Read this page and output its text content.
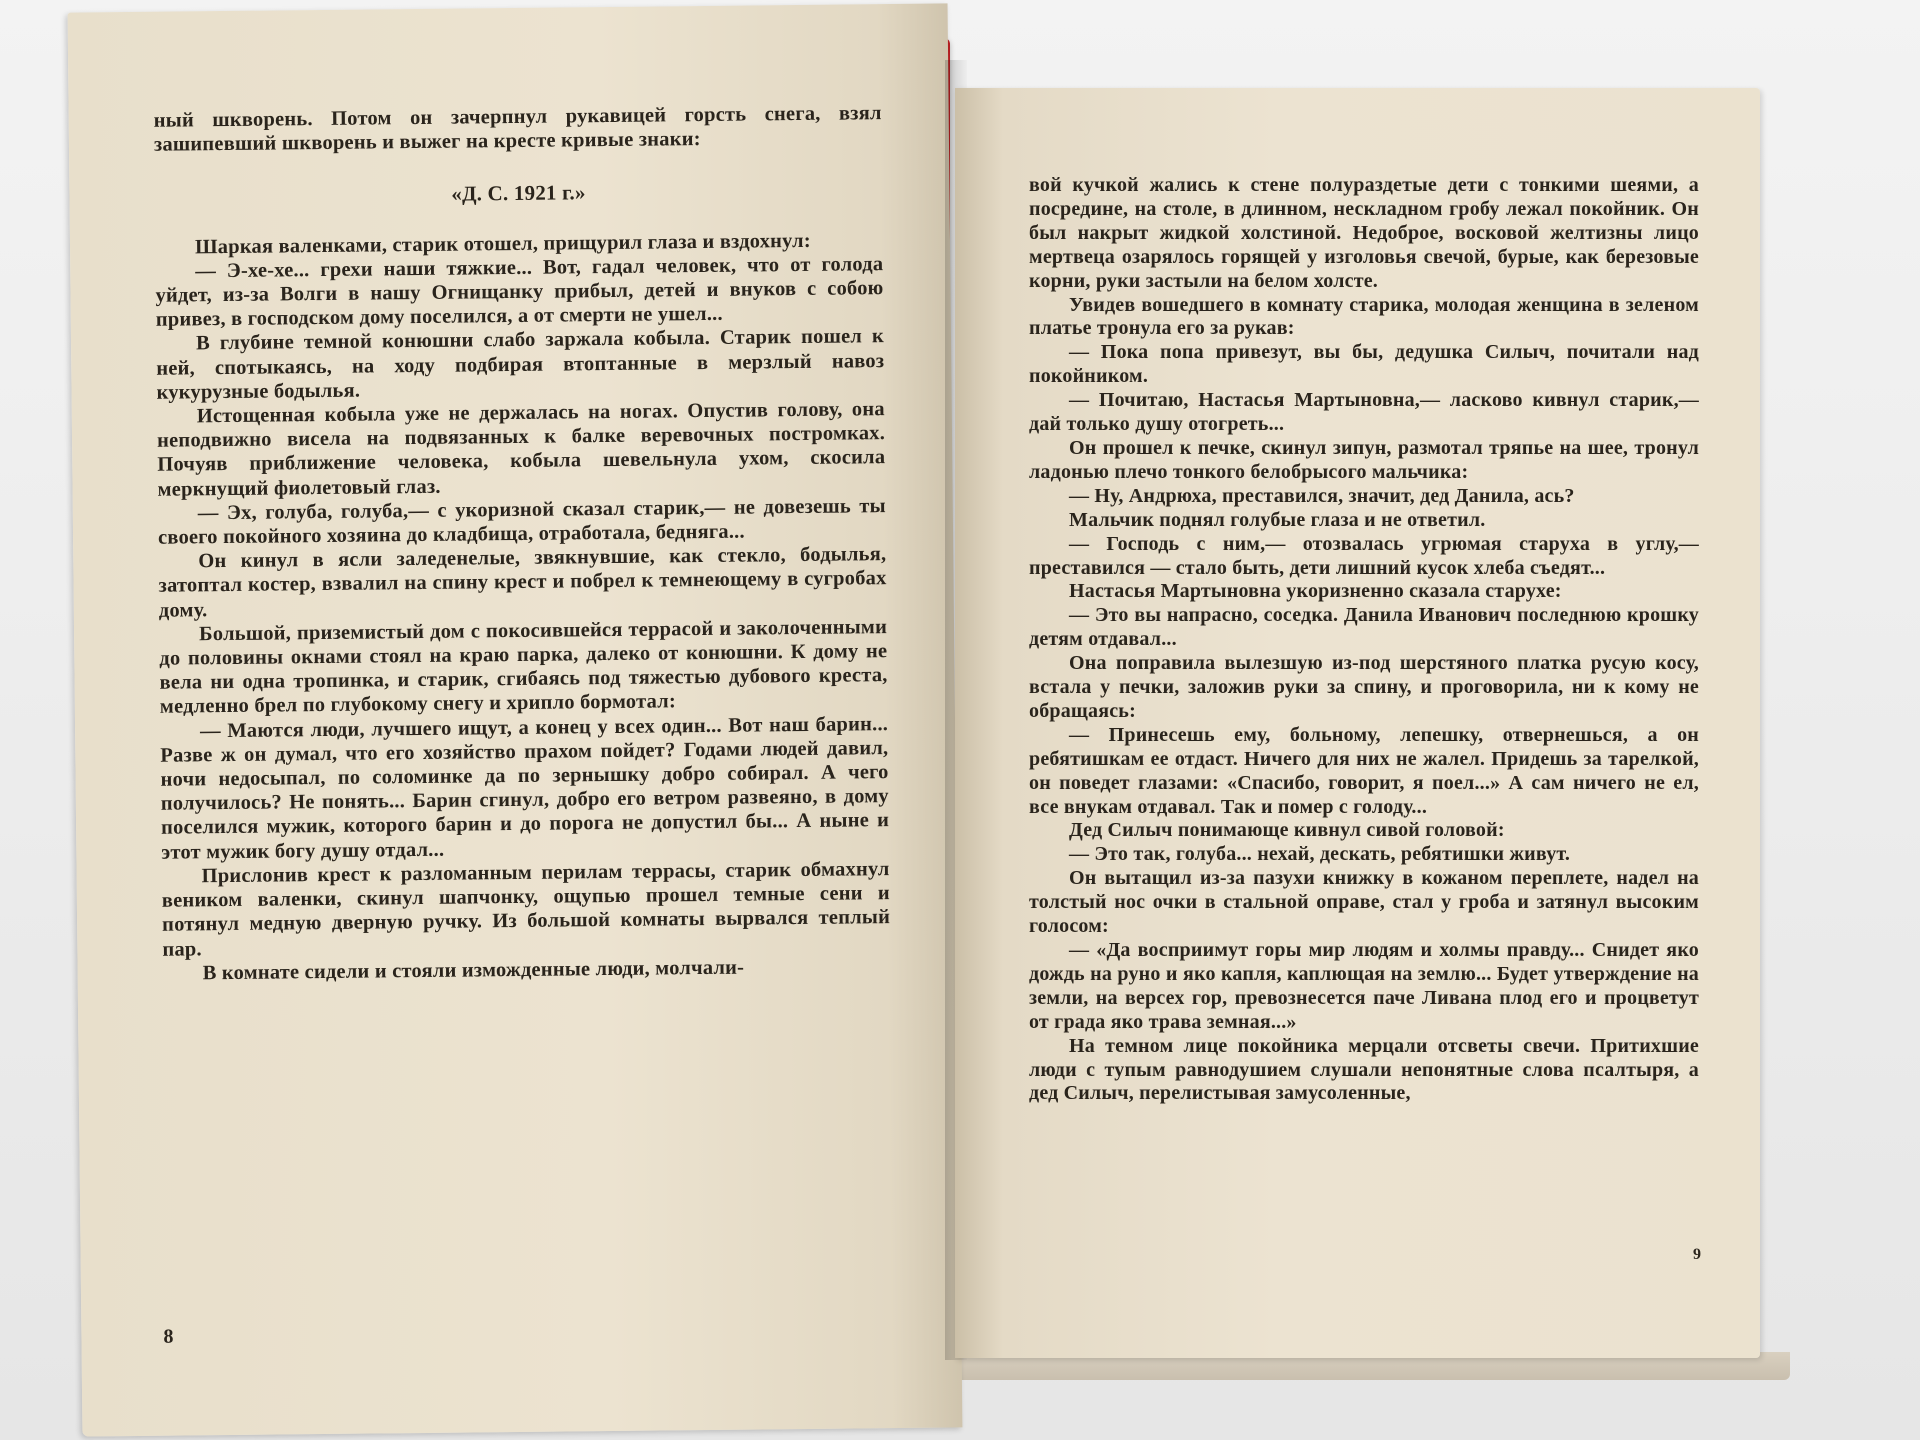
ный шкворень. Потом он зачерпнул рукавицей горсть снега, взял зашипевший шкворень и выжег на кресте кривые знаки:

«Д. С. 1921 г.»

Шаркая валенками, старик отошел, прищурил глаза и вздохнул:

— Э-хе-хе... грехи наши тяжкие... Вот, гадал человек, что от голода уйдет, из-за Волги в нашу Огнищанку прибыл, детей и внуков с собою привез, в господском дому поселился, а от смерти не ушел...

В глубине темной конюшни слабо заржала кобыла. Старик пошел к ней, спотыкаясь, на ходу подбирая втоптанные в мерзлый навоз кукурузные бодылья.

Истощенная кобыла уже не держалась на ногах. Опустив голову, она неподвижно висела на подвязанных к балке веревочных постромках. Почуяв приближение человека, кобыла шевельнула ухом, скосила меркнущий фиолетовый глаз.

— Эх, голуба, голуба,— с укоризной сказал старик,— не довезешь ты своего покойного хозяина до кладбища, отработала, бедняга...

Он кинул в ясли заледенелые, звякнувшие, как стекло, бодылья, затоптал костер, взвалил на спину крест и побрел к темнеющему в сугробах дому.

Большой, приземистый дом с покосившейся террасой и заколоченными до половины окнами стоял на краю парка, далеко от конюшни. К дому не вела ни одна тропинка, и старик, сгибаясь под тяжестью дубового креста, медленно брел по глубокому снегу и хрипло бормотал:

— Маются люди, лучшего ищут, а конец у всех один... Вот наш барин... Разве ж он думал, что его хозяйство прахом пойдет? Годами людей давил, ночи недосыпал, по соломинке да по зернышку добро собирал. А чего получилось? Не понять... Барин сгинул, добро его ветром развеяно, в дому поселился мужик, которого барин и до порога не допустил бы... А ныне и этот мужик богу душу отдал...

Прислонив крест к разломанным перилам террасы, старик обмахнул веником валенки, скинул шапчонку, ощупью прошел темные сени и потянул медную дверную ручку. Из большой комнаты вырвался теплый пар.

В комнате сидели и стояли изможденные люди, молчали-

8

вой кучкой жались к стене полураздетые дети с тонкими шеями, а посредине, на столе, в длинном, нескладном гробу лежал покойник. Он был накрыт жидкой холстиной. Недоброе, восковой желтизны лицо мертвеца озарялось горящей у изголовья свечой, бурые, как березовые корни, руки застыли на белом холсте.

Увидев вошедшего в комнату старика, молодая женщина в зеленом платье тронула его за рукав:

— Пока попа привезут, вы бы, дедушка Силыч, почитали над покойником.

— Почитаю, Настасья Мартыновна,— ласково кивнул старик,— дай только душу отогреть...

Он прошел к печке, скинул зипун, размотал тряпье на шее, тронул ладонью плечо тонкого белобрысого мальчика:

— Ну, Андрюха, преставился, значит, дед Данила, ась?

Мальчик поднял голубые глаза и не ответил.

— Господь с ним,— отозвалась угрюмая старуха в углу,— преставился — стало быть, дети лишний кусок хлеба съедят...

Настасья Мартыновна укоризненно сказала старухе:

— Это вы напрасно, соседка. Данила Иванович последнюю крошку детям отдавал...

Она поправила вылезшую из-под шерстяного платка русую косу, встала у печки, заложив руки за спину, и проговорила, ни к кому не обращаясь:

— Принесешь ему, больному, лепешку, отвернешься, а он ребятишкам ее отдаст. Ничего для них не жалел. Придешь за тарелкой, он поведет глазами: «Спасибо, говорит, я поел...» А сам ничего не ел, все внукам отдавал. Так и помер с голоду...

Дед Силыч понимающе кивнул сивой головой:

— Это так, голуба... нехай, дескать, ребятишки живут.

Он вытащил из-за пазухи книжку в кожаном переплете, надел на толстый нос очки в стальной оправе, стал у гроба и затянул высоким голосом:

— «Да восприимут горы мир людям и холмы правду... Снидет яко дождь на руно и яко капля, каплющая на землю... Будет утверждение на земли, на версех гор, превознесется паче Ливана плод его и процветут от града яко трава земная...»

На темном лице покойника мерцали отсветы свечи. Притихшие люди с тупым равнодушием слушали непонятные слова псалтыря, а дед Силыч, перелистывая замусоленные,

9
